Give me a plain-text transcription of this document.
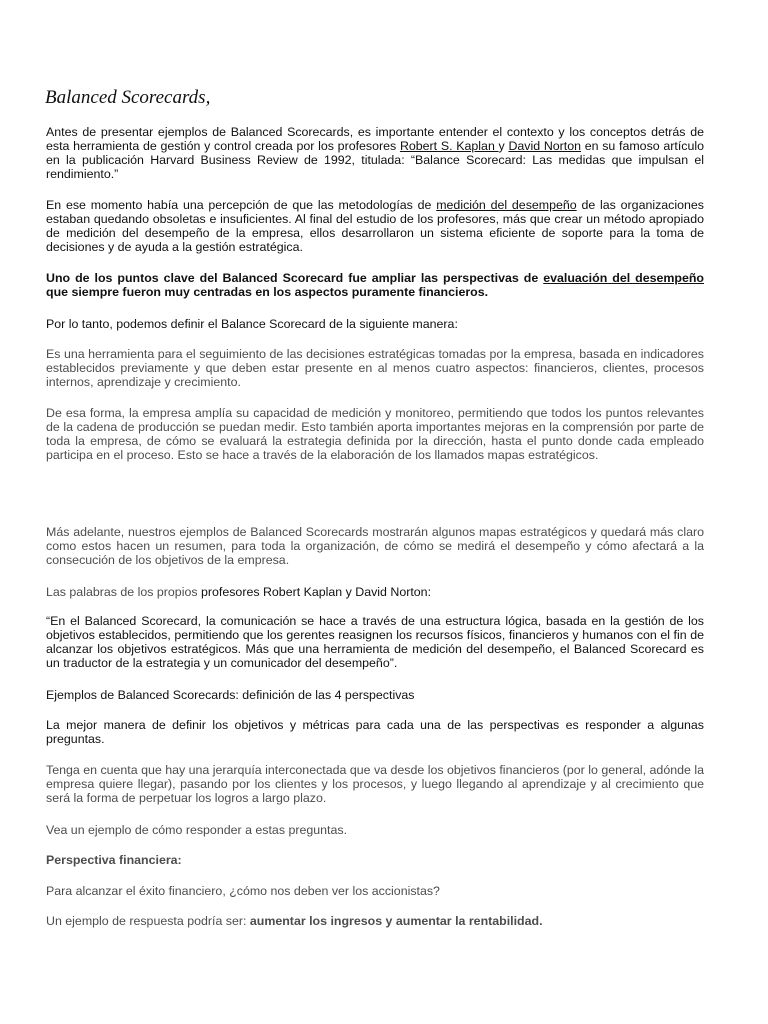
Balanced Scorecards,

Antes de presentar ejemplos de Balanced Scorecards, es importante entender el contexto y los conceptos detrás de esta herramienta de gestión y control creada por los profesores Robert S. Kaplan y David Norton en su famoso artículo en la publicación Harvard Business Review de 1992, titulada: “Balance Scorecard: Las medidas que impulsan el rendimiento.”

En ese momento había una percepción de que las metodologías de medición del desempeño de las organizaciones estaban quedando obsoletas e insuficientes. Al final del estudio de los profesores, más que crear un método apropiado de medición del desempeño de la empresa, ellos desarrollaron un sistema eficiente de soporte para la toma de decisiones y de ayuda a la gestión estratégica.

Uno de los puntos clave del Balanced Scorecard fue ampliar las perspectivas de evaluación del desempeño que siempre fueron muy centradas en los aspectos puramente financieros.

Por lo tanto, podemos definir el Balance Scorecard de la siguiente manera:

Es una herramienta para el seguimiento de las decisiones estratégicas tomadas por la empresa, basada en indicadores establecidos previamente y que deben estar presente en al menos cuatro aspectos: financieros, clientes, procesos internos, aprendizaje y crecimiento.

De esa forma, la empresa amplía su capacidad de medición y monitoreo, permitiendo que todos los puntos relevantes de la cadena de producción se puedan medir. Esto también aporta importantes mejoras en la comprensión por parte de toda la empresa, de cómo se evaluará la estrategia definida por la dirección, hasta el punto donde cada empleado participa en el proceso. Esto se hace a través de la elaboración de los llamados mapas estratégicos.

Más adelante, nuestros ejemplos de Balanced Scorecards mostrarán algunos mapas estratégicos y quedará más claro como estos hacen un resumen, para toda la organización, de cómo se medirá el desempeño y cómo afectará a la consecución de los objetivos de la empresa.

Las palabras de los propios profesores Robert Kaplan y David Norton:

“En el Balanced Scorecard, la comunicación se hace a través de una estructura lógica, basada en la gestión de los objetivos establecidos, permitiendo que los gerentes reasignen los recursos físicos, financieros y humanos con el fin de alcanzar los objetivos estratégicos. Más que una herramienta de medición del desempeño, el Balanced Scorecard es un traductor de la estrategia y un comunicador del desempeño”.

Ejemplos de Balanced Scorecards: definición de las 4 perspectivas

La mejor manera de definir los objetivos y métricas para cada una de las perspectivas es responder a algunas preguntas.

Tenga en cuenta que hay una jerarquía interconectada que va desde los objetivos financieros (por lo general, adónde la empresa quiere llegar), pasando por los clientes y los procesos, y luego llegando al aprendizaje y al crecimiento que será la forma de perpetuar los logros a largo plazo.

Vea un ejemplo de cómo responder a estas preguntas.

Perspectiva financiera:

Para alcanzar el éxito financiero, ¿cómo nos deben ver los accionistas?

Un ejemplo de respuesta podría ser: aumentar los ingresos y aumentar la rentabilidad.
